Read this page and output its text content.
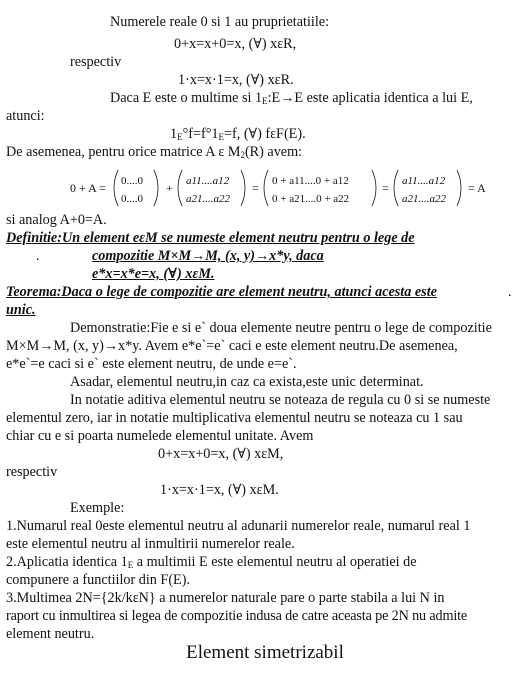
Numerele reale 0 si 1 au pruprietatiile:
0+x=x+0=x, (∀) xεR,
respectiv
1·x=x·1=x, (∀) xεR.
Daca E este o multime si $1_E:E\to E$ este aplicatia identica a lui E,
atunci:
$1_E^\circ f=f^\circ 1_E=f$, (∀) fεF(E).
De asemenea, pentru orice matrice A ε $M_2(R)$ avem:
0 + A = 0....0
0....0
+ a11....a12
a21....a22
= 0 + a11....0 + a12
0 + a21....0 + a22
= a11....a12
a21....a22
= A
si analog A+0=A.
Definitie:Un element eεM se numeste element neutru pentru o lege de
.	compozitie M×M→M, (x, y)→x*y, daca
e*x=x*e=x, (∀) xεM.
Teorema:Daca o lege de compozitie are element neutru, atunci acesta este	.
unic.
Demonstratie:Fie e si e` doua elemente neutre pentru o lege de compozitie
M×M→M, (x, y)→x*y. Avem e*e`=e` caci e este element neutru.De asemenea,
e*e`=e caci si e` este element neutru, de unde e=e`.
Asadar, elementul neutru,in caz ca exista,este unic determinat.
In notatie aditiva elementul neutru se noteaza de regula cu 0 si se numeste
elementul zero, iar in notatie multiplicativa elementul neutru se noteaza cu 1 sau
chiar cu e si poarta numelede elementul unitate. Avem
0+x=x+0=x, (∀) xεM,
respectiv
1·x=x·1=x, (∀) xεM.
Exemple:
1.Numarul real 0este elementul neutru al adunarii numerelor reale, numarul real 1
este elementul neutru al inmultirii numerelor reale.
2.Aplicatia identica $1_E$ a multimii E este elementul neutru al operatiei de
compunere a functiilor din F(E).
3.Multimea 2N={2k/kεN} a numerelor naturale pare o parte stabila a lui N in
raport cu inmultirea si legea de compozitie indusa de catre aceasta pe 2N nu admite
element neutru.
Element simetrizabil
